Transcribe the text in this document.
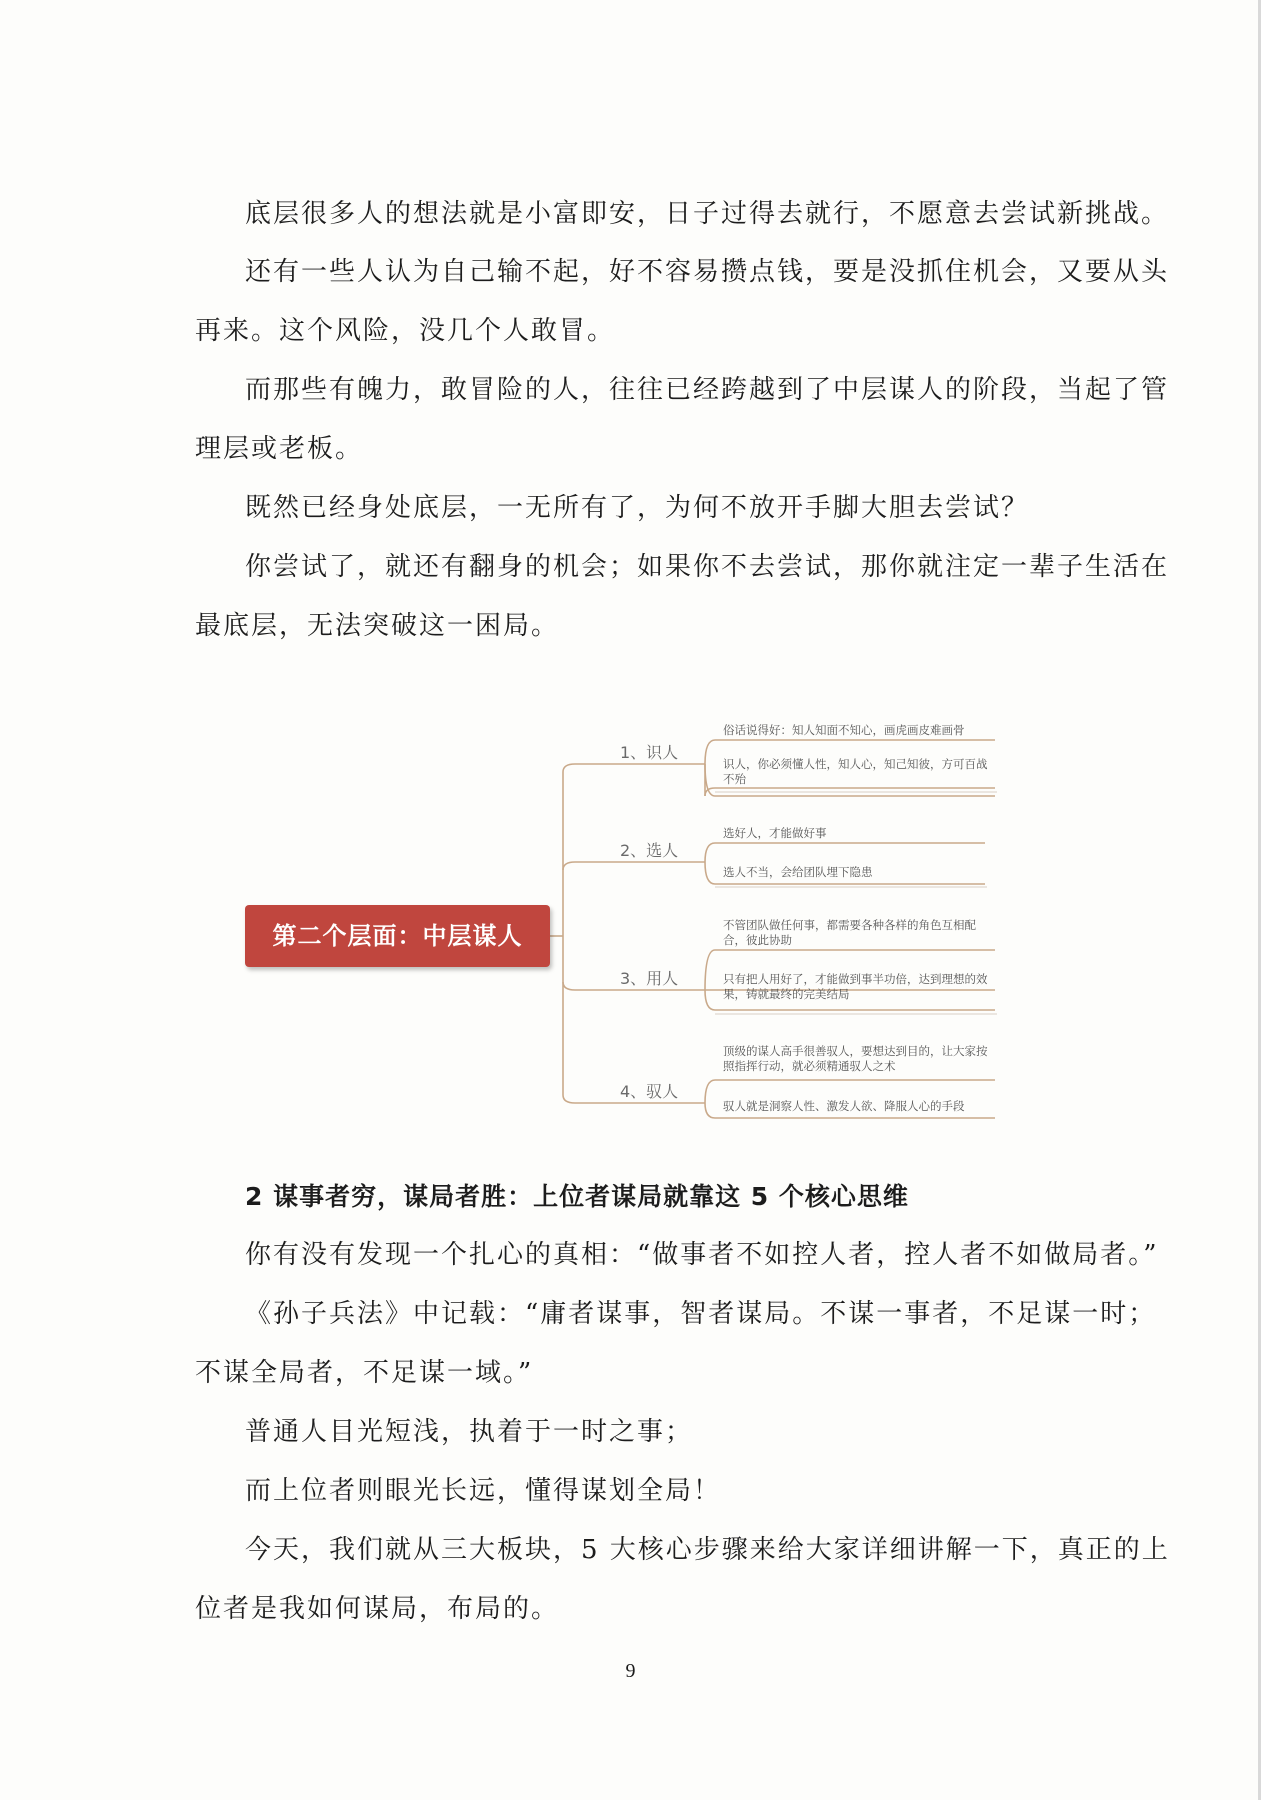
底层很多人的想法就是小富即安，日子过得去就行，不愿意去尝试新挑战。
还有一些人认为自己输不起，好不容易攒点钱，要是没抓住机会，又要从头
再来。这个风险，没几个人敢冒。
而那些有魄力，敢冒险的人，往往已经跨越到了中层谋人的阶段，当起了管
理层或老板。
既然已经身处底层，一无所有了，为何不放开手脚大胆去尝试？
你尝试了，就还有翻身的机会；如果你不去尝试，那你就注定一辈子生活在
最底层，无法突破这一困局。
第二个层面：中层谋人
1、识人
2、选人
3、用人
4、驭人
俗话说得好：知人知面不知心，画虎画皮难画骨
识人，你必须懂人性，知人心，知己知彼，方可百战不殆
选好人，才能做好事
选人不当，会给团队埋下隐患
不管团队做任何事，都需要各种各样的角色互相配合，彼此协助
只有把人用好了，才能做到事半功倍，达到理想的效果，铸就最终的完美结局
顶级的谋人高手很善驭人，要想达到目的，让大家按照指挥行动，就必须精通驭人之术
驭人就是洞察人性、激发人欲、降服人心的手段
2 谋事者穷，谋局者胜：上位者谋局就靠这 5 个核心思维
你有没有发现一个扎心的真相：“做事者不如控人者，控人者不如做局者。”
《孙子兵法》中记载：“庸者谋事，智者谋局。不谋一事者，不足谋一时；
不谋全局者，不足谋一域。”
普通人目光短浅，执着于一时之事；
而上位者则眼光长远，懂得谋划全局！
今天，我们就从三大板块，5 大核心步骤来给大家详细讲解一下，真正的上
位者是我如何谋局，布局的。
9
